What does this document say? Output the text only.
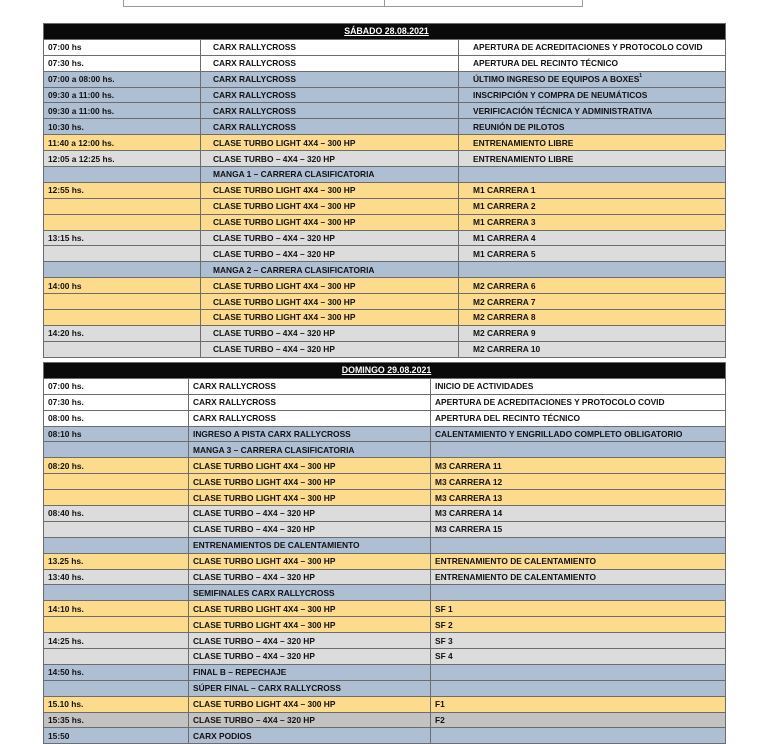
SÁBADO 28.08.2021		
07:00 hs	CARX RALLYCROSS	APERTURA DE ACREDITACIONES Y PROTOCOLO COVID
07:30 hs.	CARX RALLYCROSS	APERTURA DEL RECINTO TÉCNICO
07:00 a 08:00 hs.	CARX RALLYCROSS	ÚLTIMO INGRESO DE EQUIPOS A BOXES$^1$
09:30 a 11:00 hs.	CARX RALLYCROSS	INSCRIPCIÓN Y COMPRA DE NEUMÁTICOS
09:30 a 11:00 hs.	CARX RALLYCROSS	VERIFICACIÓN TÉCNICA Y ADMINISTRATIVA
10:30 hs.	CARX RALLYCROSS	REUNIÓN DE PILOTOS
11:40 a 12:00 hs.	CLASE TURBO LIGHT 4X4 – 300 HP	ENTRENAMIENTO LIBRE
12:05 a 12:25 hs.	CLASE TURBO – 4X4 – 320 HP	ENTRENAMIENTO LIBRE
	MANGA 1 – CARRERA CLASIFICATORIA	
12:55 hs.	CLASE TURBO LIGHT 4X4 – 300 HP	M1 CARRERA 1
	CLASE TURBO LIGHT 4X4 – 300 HP	M1 CARRERA 2
	CLASE TURBO LIGHT 4X4 – 300 HP	M1 CARRERA 3
13:15 hs.	CLASE TURBO – 4X4 – 320 HP	M1 CARRERA 4
	CLASE TURBO – 4X4 – 320 HP	M1 CARRERA 5
	MANGA 2 – CARRERA CLASIFICATORIA	
14:00 hs	CLASE TURBO LIGHT 4X4 – 300 HP	M2 CARRERA 6
	CLASE TURBO LIGHT 4X4 – 300 HP	M2 CARRERA 7
	CLASE TURBO LIGHT 4X4 – 300 HP	M2 CARRERA 8
14:20 hs.	CLASE TURBO – 4X4 – 320 HP	M2 CARRERA 9
	CLASE TURBO – 4X4 – 320 HP	M2 CARRERA 10
DOMINGO 29.08.2021		
07:00 hs.	CARX RALLYCROSS	INICIO DE ACTIVIDADES
07:30 hs.	CARX RALLYCROSS	APERTURA DE ACREDITACIONES Y PROTOCOLO COVID
08:00 hs.	CARX RALLYCROSS	APERTURA DEL RECINTO TÉCNICO
08:10 hs	INGRESO A PISTA CARX RALLYCROSS	CALENTAMIENTO Y ENGRILLADO COMPLETO OBLIGATORIO
	MANGA 3 – CARRERA CLASIFICATORIA	
08:20 hs.	CLASE TURBO LIGHT 4X4 – 300 HP	M3 CARRERA 11
	CLASE TURBO LIGHT 4X4 – 300 HP	M3 CARRERA 12
	CLASE TURBO LIGHT 4X4 – 300 HP	M3 CARRERA 13
08:40 hs.	CLASE TURBO – 4X4 – 320 HP	M3 CARRERA 14
	CLASE TURBO – 4X4 – 320 HP	M3 CARRERA 15
	ENTRENAMIENTOS DE CALENTAMIENTO	
13.25 hs.	CLASE TURBO LIGHT 4X4 – 300 HP	ENTRENAMIENTO DE CALENTAMIENTO
13:40 hs.	CLASE TURBO – 4X4 – 320 HP	ENTRENAMIENTO DE CALENTAMIENTO
	SEMIFINALES CARX RALLYCROSS	
14:10 hs.	CLASE TURBO LIGHT 4X4 – 300 HP	SF 1
	CLASE TURBO LIGHT 4X4 – 300 HP	SF 2
14:25 hs.	CLASE TURBO – 4X4 – 320 HP	SF 3
	CLASE TURBO – 4X4 – 320 HP	SF 4
14:50 hs.	FINAL B – REPECHAJE	
	SÚPER FINAL – CARX RALLYCROSS	
15.10 hs.	CLASE TURBO LIGHT 4X4 – 300 HP	F1
15:35 hs.	CLASE TURBO – 4X4 – 320 HP	F2
15:50	CARX PODIOS	
